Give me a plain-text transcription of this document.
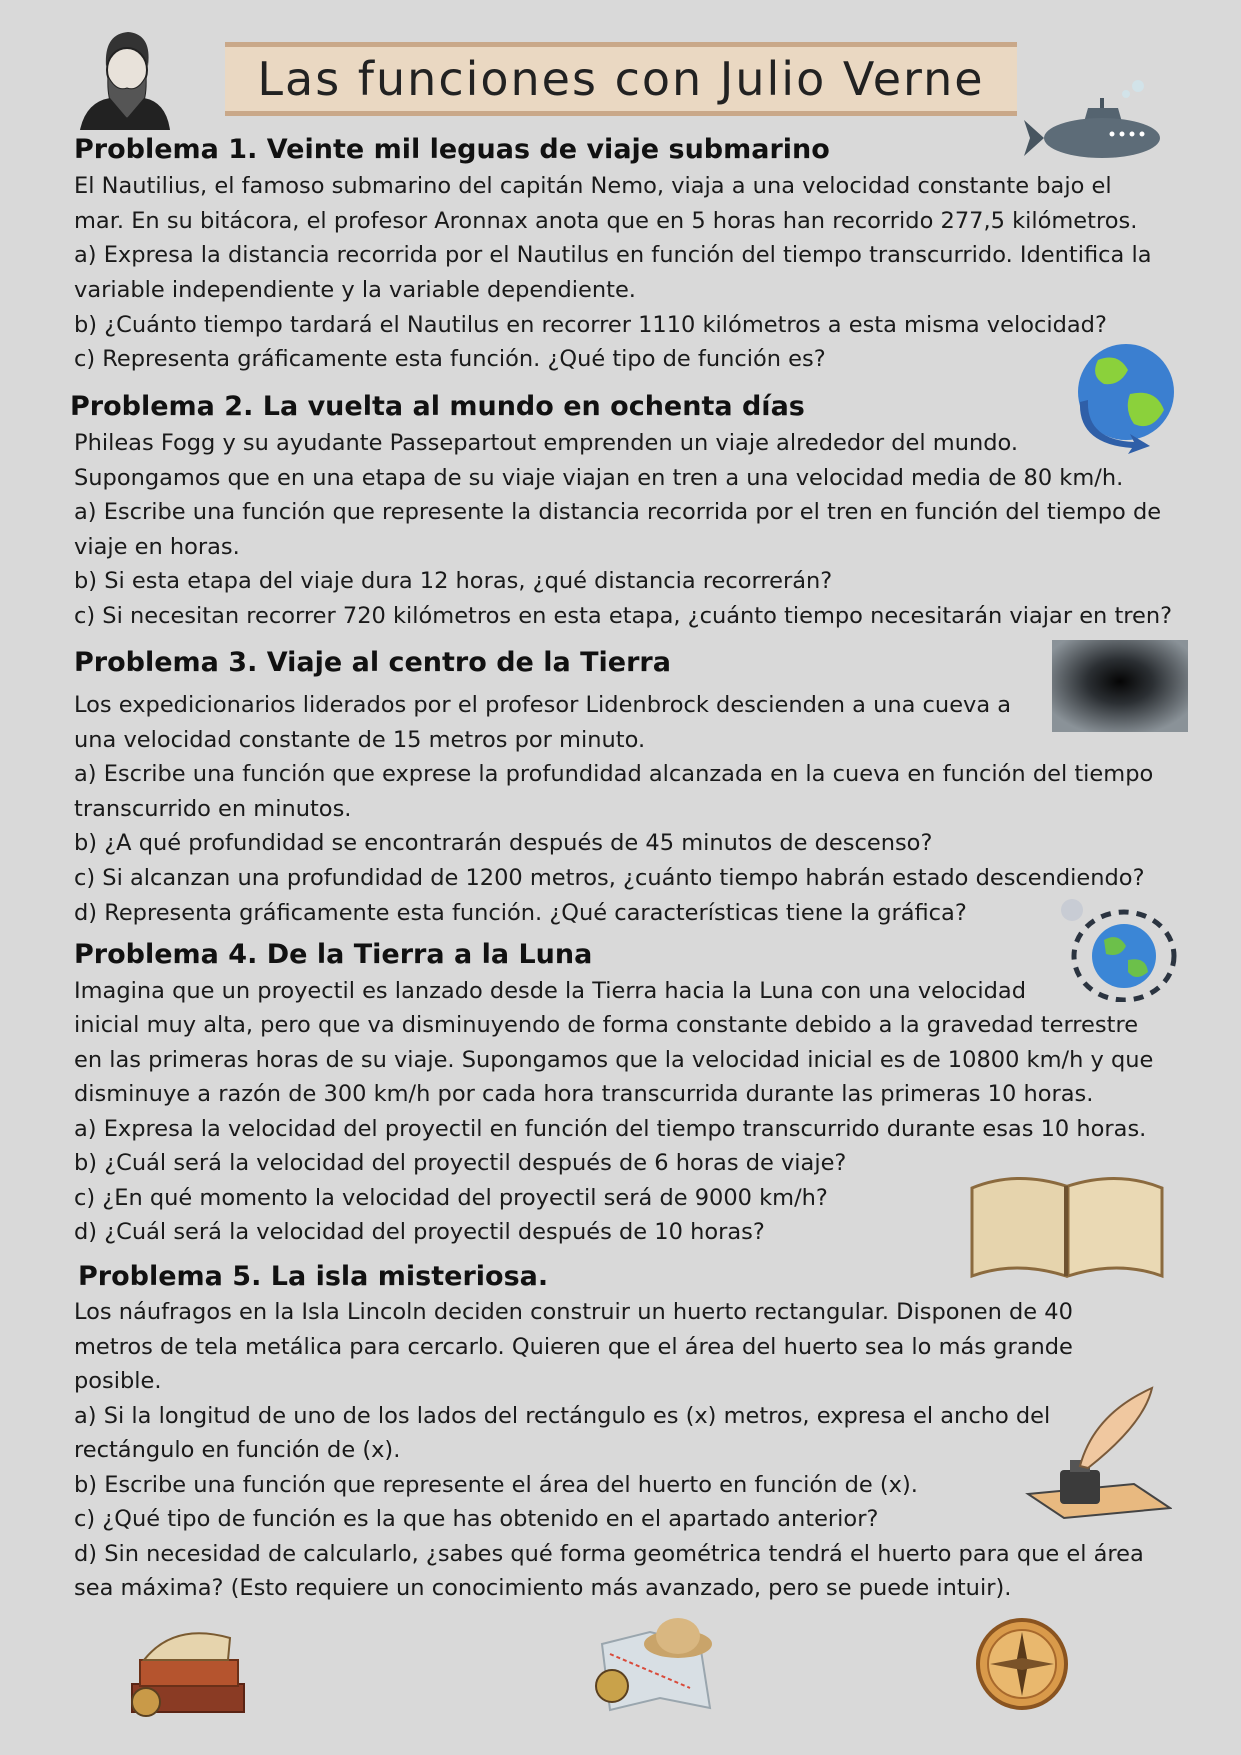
Las funciones con Julio Verne
Problema 1. Veinte mil leguas de viaje submarino

El Nautilius, el famoso submarino del capitán Nemo, viaja a una velocidad constante bajo el

mar. En su bitácora, el profesor Aronnax anota que en 5 horas han recorrido 277,5 kilómetros.

a) Expresa la distancia recorrida por el Nautilus en función del tiempo transcurrido. Identifica la

variable independiente y la variable dependiente.

b) ¿Cuánto tiempo tardará el Nautilus en recorrer 1110 kilómetros a esta misma velocidad?

c) Representa gráficamente esta función. ¿Qué tipo de función es?

Problema 2. La vuelta al mundo en ochenta días

Phileas Fogg y su ayudante Passepartout emprenden un viaje alrededor del mundo.

Supongamos que en una etapa de su viaje viajan en tren a una velocidad media de 80 km/h.

a) Escribe una función que represente la distancia recorrida por el tren en función del tiempo de

viaje en horas.

b) Si esta etapa del viaje dura 12 horas, ¿qué distancia recorrerán?

c) Si necesitan recorrer 720 kilómetros en esta etapa, ¿cuánto tiempo necesitarán viajar en tren?

Problema 3. Viaje al centro de la Tierra

Los expedicionarios liderados por el profesor Lidenbrock descienden a una cueva a

una velocidad constante de 15 metros por minuto.

a) Escribe una función que exprese la profundidad alcanzada en la cueva en función del tiempo

transcurrido en minutos.

b) ¿A qué profundidad se encontrarán después de 45 minutos de descenso?

c) Si alcanzan una profundidad de 1200 metros, ¿cuánto tiempo habrán estado descendiendo?

d) Representa gráficamente esta función. ¿Qué características tiene la gráfica?

Problema 4. De la Tierra a la Luna

Imagina que un proyectil es lanzado desde la Tierra hacia la Luna con una velocidad

inicial muy alta, pero que va disminuyendo de forma constante debido a la gravedad terrestre

en las primeras horas de su viaje. Supongamos que la velocidad inicial es de 10800 km/h y que

disminuye a razón de 300 km/h por cada hora transcurrida durante las primeras 10 horas.

a) Expresa la velocidad del proyectil en función del tiempo transcurrido durante esas 10 horas.

b) ¿Cuál será la velocidad del proyectil después de 6 horas de viaje?

c) ¿En qué momento la velocidad del proyectil será de 9000 km/h?

d) ¿Cuál será la velocidad del proyectil después de 10 horas?

Problema 5. La isla misteriosa.

Los náufragos en la Isla Lincoln deciden construir un huerto rectangular. Disponen de 40

metros de tela metálica para cercarlo. Quieren que el área del huerto sea lo más grande

posible.

a) Si la longitud de uno de los lados del rectángulo es (x) metros, expresa el ancho del

rectángulo en función de (x).

b) Escribe una función que represente el área del huerto en función de (x).

c) ¿Qué tipo de función es la que has obtenido en el apartado anterior?

d) Sin necesidad de calcularlo, ¿sabes qué forma geométrica tendrá el huerto para que el área

sea máxima? (Esto requiere un conocimiento más avanzado, pero se puede intuir).
